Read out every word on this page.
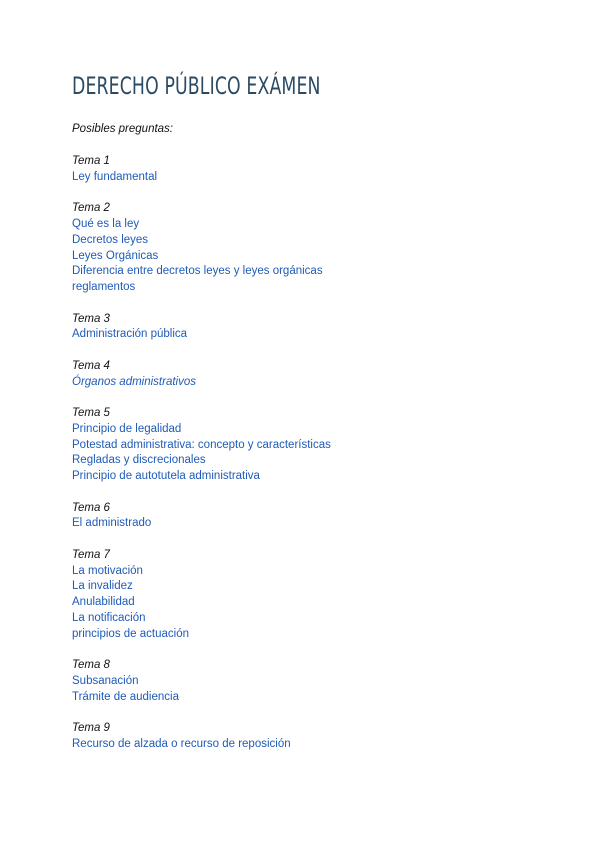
DERECHO PÚBLICO EXÁMEN
Posibles preguntas:
Tema 1
Ley fundamental
Tema 2
Qué es la ley
Decretos leyes
Leyes Orgánicas
Diferencia entre decretos leyes y leyes orgánicas
reglamentos
Tema 3
Administración pública
Tema 4
Órganos administrativos
Tema 5
Principio de legalidad
Potestad administrativa: concepto y características
Regladas y discrecionales
Principio de autotutela administrativa
Tema 6
El administrado
Tema 7
La motivación
La invalidez
Anulabilidad
La notificación
principios de actuación
Tema 8
Subsanación
Trámite de audiencia
Tema 9
Recurso de alzada o recurso de reposición
